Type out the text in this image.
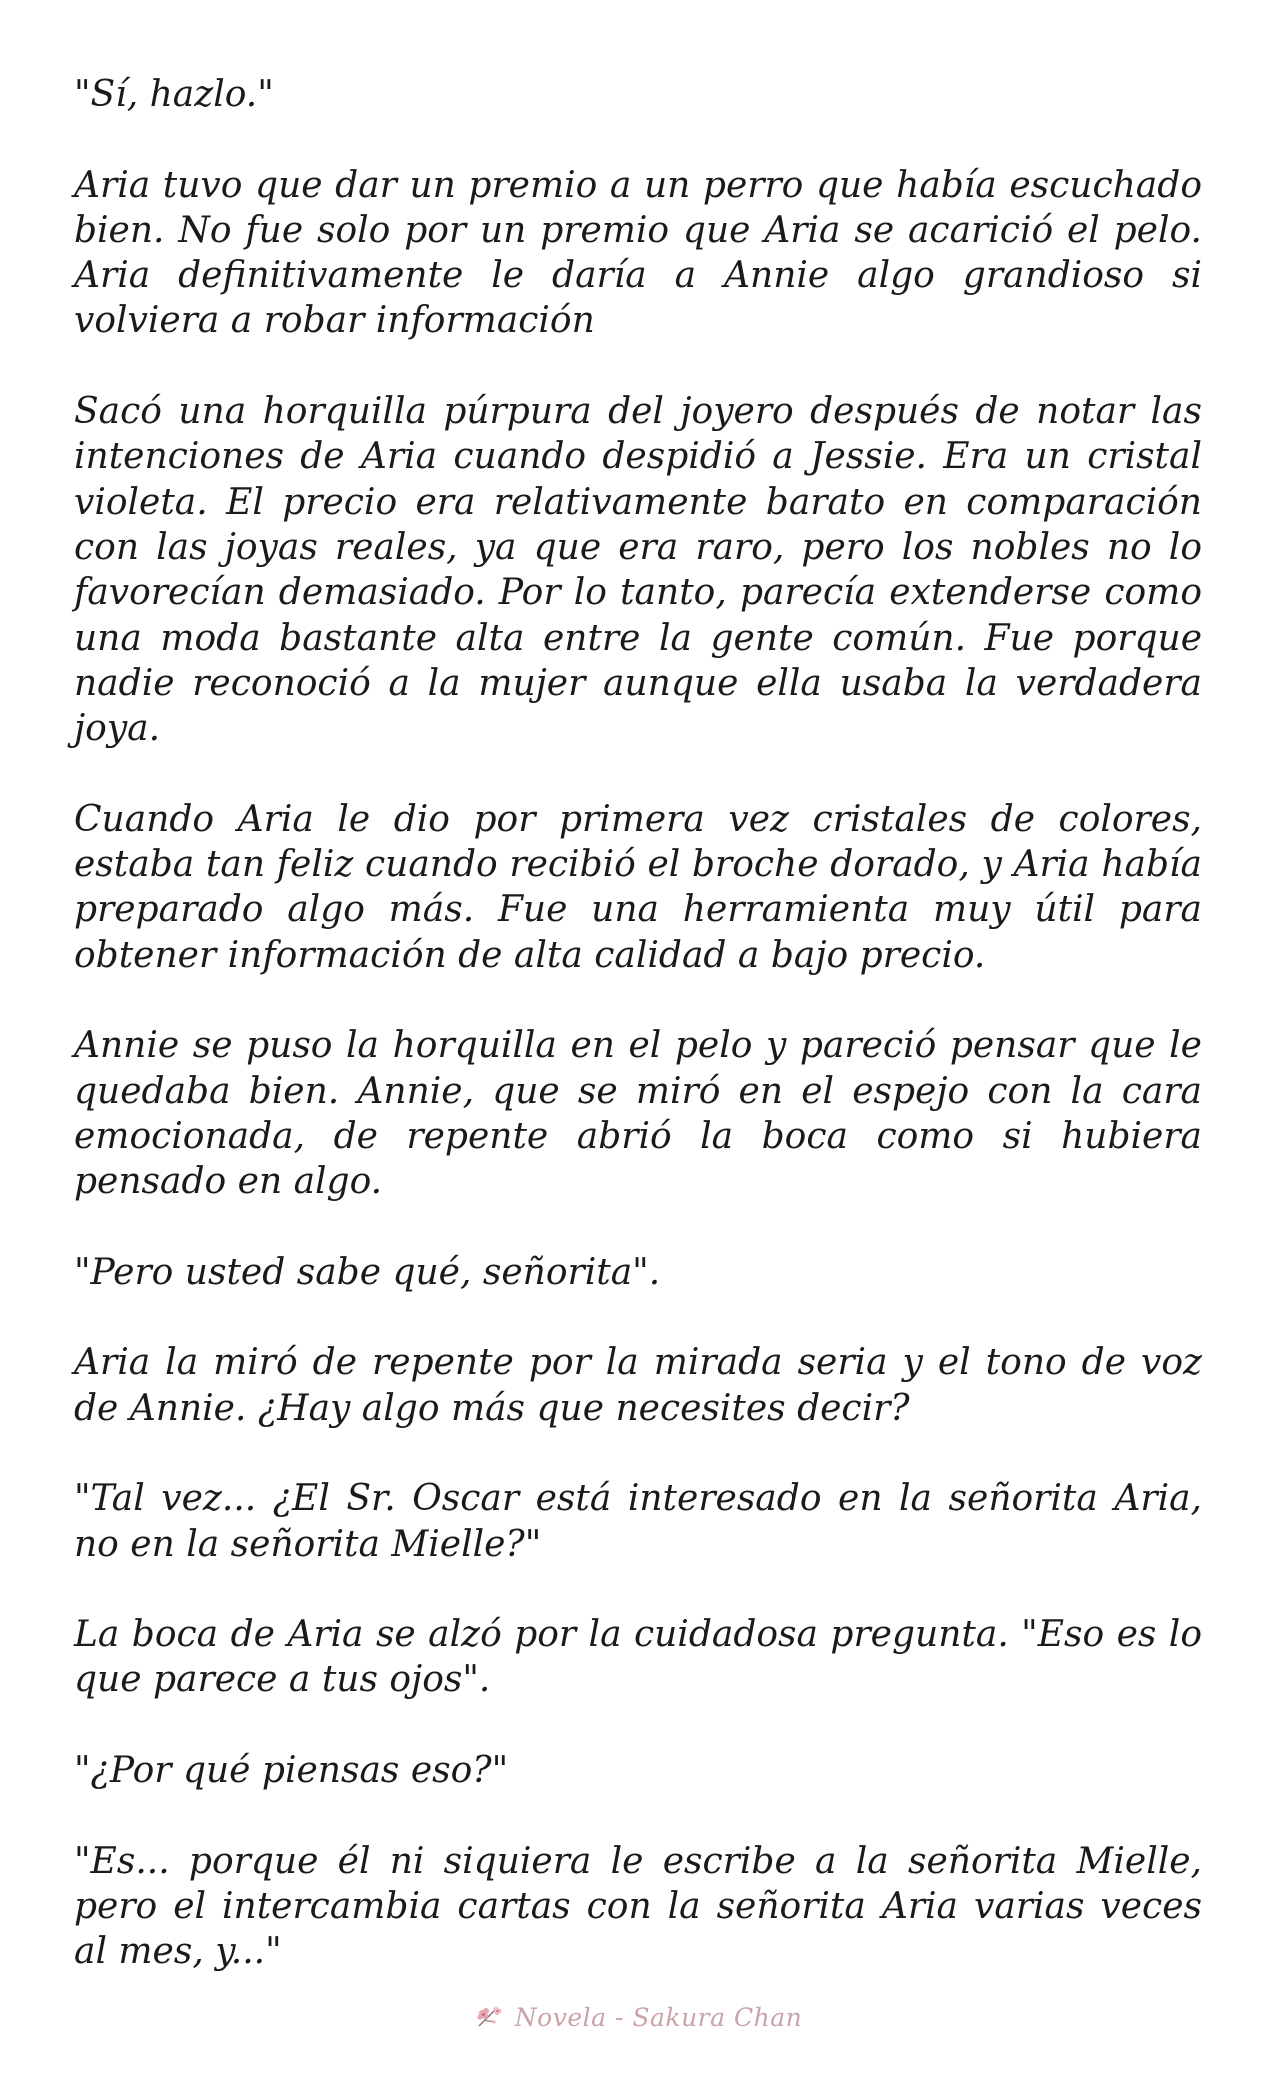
"Sí, hazlo."

Aria tuvo que dar un premio a un perro que había escuchado bien. No fue solo por un premio que Aria se acarició el pelo. Aria definitivamente le daría a Annie algo grandioso si volviera a robar información

Sacó una horquilla púrpura del joyero después de notar las intenciones de Aria cuando despidió a Jessie. Era un cristal violeta. El precio era relativamente barato en comparación con las joyas reales, ya que era raro, pero los nobles no lo favorecían demasiado. Por lo tanto, parecía extenderse como una moda bastante alta entre la gente común. Fue porque nadie reconoció a la mujer aunque ella usaba la verdadera joya.

Cuando Aria le dio por primera vez cristales de colores, estaba tan feliz cuando recibió el broche dorado, y Aria había preparado algo más. Fue una herramienta muy útil para obtener información de alta calidad a bajo precio.

Annie se puso la horquilla en el pelo y pareció pensar que le quedaba bien. Annie, que se miró en el espejo con la cara emocionada, de repente abrió la boca como si hubiera pensado en algo.

"Pero usted sabe qué, señorita".

Aria la miró de repente por la mirada seria y el tono de voz de Annie. ¿Hay algo más que necesites decir?

"Tal vez... ¿El Sr. Oscar está interesado en la señorita Aria, no en la señorita Mielle?"

La boca de Aria se alzó por la cuidadosa pregunta. "Eso es lo que parece a tus ojos".

"¿Por qué piensas eso?"

"Es... porque él ni siquiera le escribe a la señorita Mielle, pero el intercambia cartas con la señorita Aria varias veces al mes, y..."

Novela - Sakura Chan
